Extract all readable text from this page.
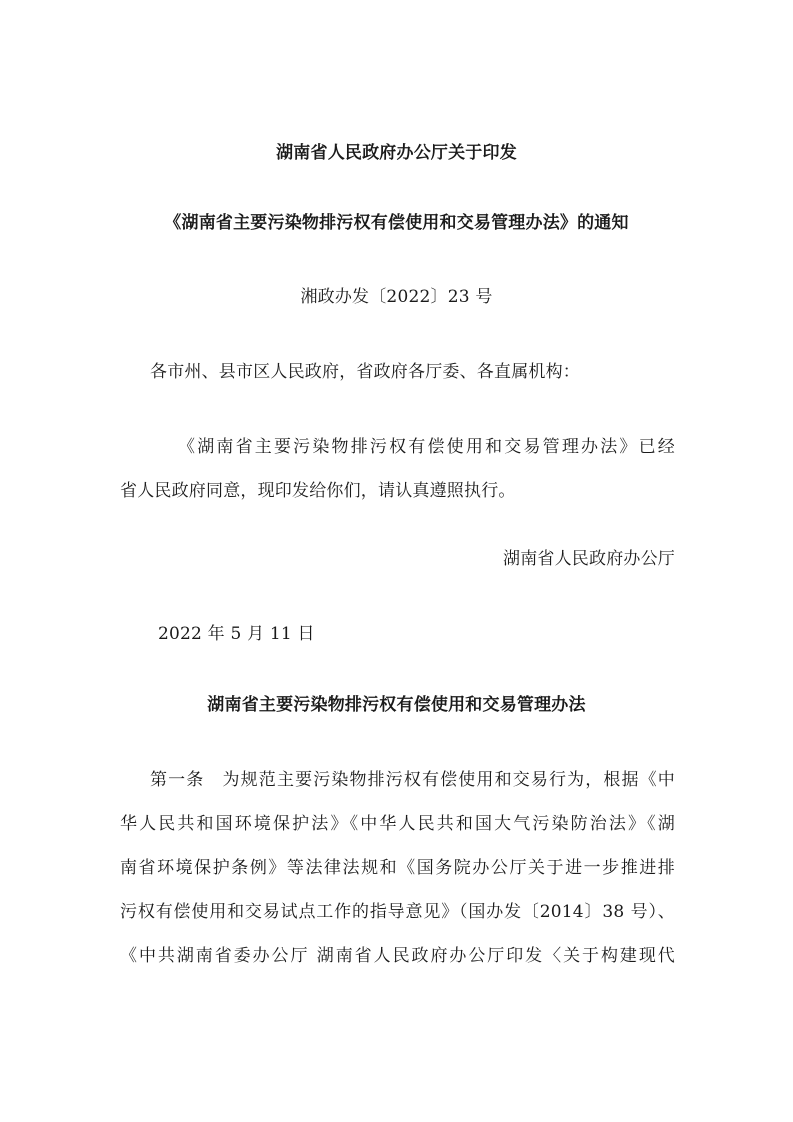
湖南省人民政府办公厅关于印发
《湖南省主要污染物排污权有偿使用和交易管理办法》的通知
湘政办发〔2022〕23 号
各市州、县市区人民政府，省政府各厅委、各直属机构：
《湖南省主要污染物排污权有偿使用和交易管理办法》已经
省人民政府同意，现印发给你们，请认真遵照执行。
湖南省人民政府办公厅
2022 年 5 月 11 日
湖南省主要污染物排污权有偿使用和交易管理办法
第一条　为规范主要污染物排污权有偿使用和交易行为，根据《中
华人民共和国环境保护法》《中华人民共和国大气污染防治法》《湖
南省环境保护条例》等法律法规和《国务院办公厅关于进一步推进排
污权有偿使用和交易试点工作的指导意见》（国办发〔2014〕38 号）、
《中共湖南省委办公厅 湖南省人民政府办公厅印发〈关于构建现代
